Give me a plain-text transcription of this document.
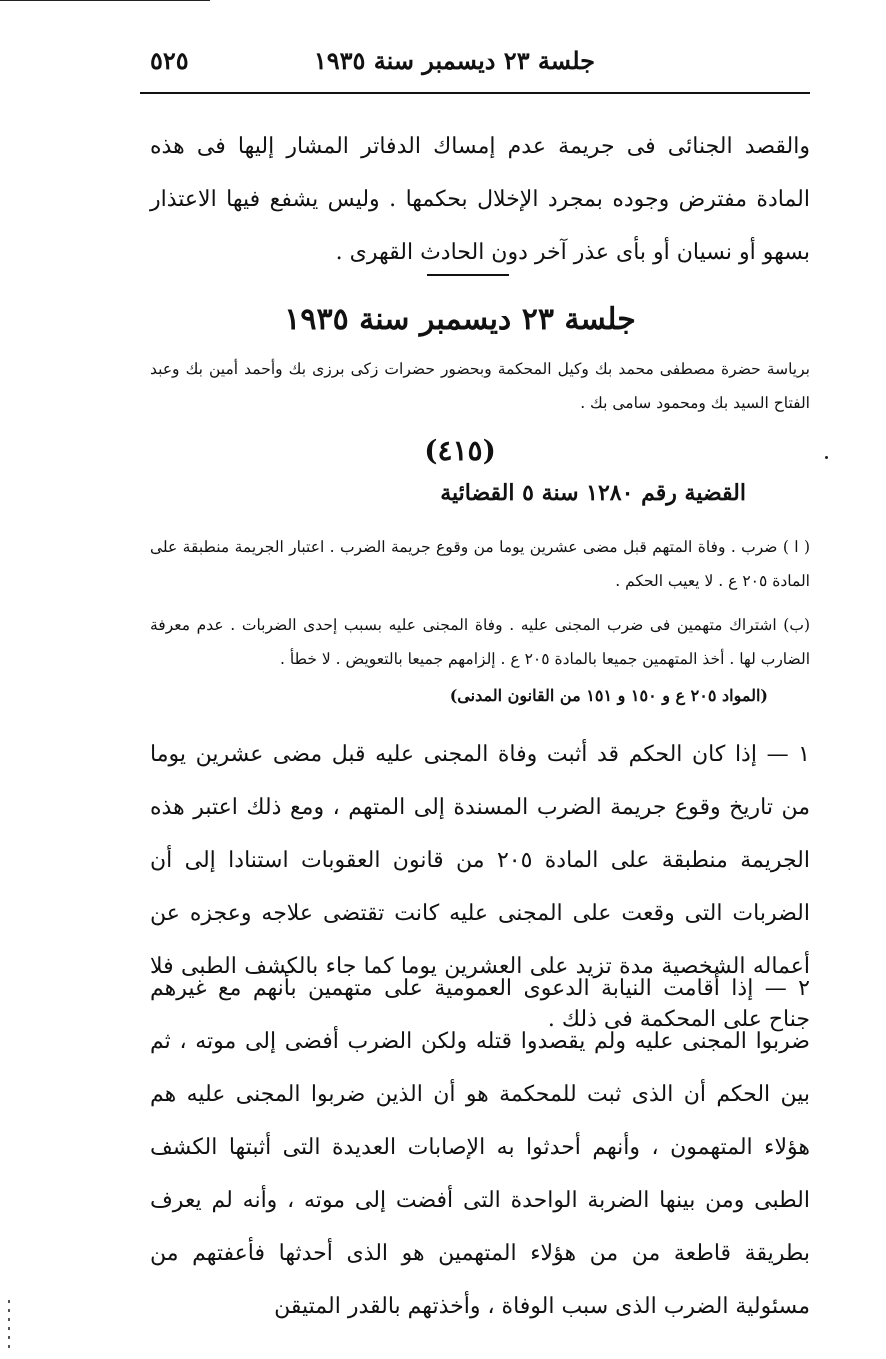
جلسة ٢٣ ديسمبر سنة ١٩٣٥
٥٢٥

والقصد الجنائى فى جريمة عدم إمساك الدفاتر المشار إليها فى هذه المادة مفترض وجوده بمجرد الإخلال بحكمها . وليس يشفع فيها الاعتذار بسهو أو نسيان أو بأى عذر آخر دون الحادث القهرى .

جلسة ٢٣ ديسمبر سنة ١٩٣٥

برياسة حضرة مصطفى محمد بك وكيل المحكمة وبحضور حضرات زكى برزى بك وأحمد أمين بك وعبد الفتاح السيد بك ومحمود سامى بك .

(٤١٥)
القضية رقم ١٢٨٠ سنة ٥ القضائية

( ا ) ضرب . وفاة المتهم قبل مضى عشرين يوما من وقوع جريمة الضرب . اعتبار الجريمة منطبقة على المادة ٢٠٥ ع . لا يعيب الحكم .

(ب) اشتراك متهمين فى ضرب المجنى عليه . وفاة المجنى عليه بسبب إحدى الضربات . عدم معرفة الضارب لها . أخذ المتهمين جميعا بالمادة ٢٠٥ ع . إلزامهم جميعا بالتعويض . لا خطأ .

(المواد ٢٠٥ ع و ١٥٠ و ١٥١ من القانون المدنى)

١ — إذا كان الحكم قد أثبت وفاة المجنى عليه قبل مضى عشرين يوما من تاريخ وقوع جريمة الضرب المسندة إلى المتهم ، ومع ذلك اعتبر هذه الجريمة منطبقة على المادة ٢٠٥ من قانون العقوبات استنادا إلى أن الضربات التى وقعت على المجنى عليه كانت تقتضى علاجه وعجزه عن أعماله الشخصية مدة تزيد على العشرين يوما كما جاء بالكشف الطبى فلا جناح على المحكمة فى ذلك .

٢ — إذا أقامت النيابة الدعوى العمومية على متهمين بأنهم مع غيرهم ضربوا المجنى عليه ولم يقصدوا قتله ولكن الضرب أفضى إلى موته ، ثم بين الحكم أن الذى ثبت للمحكمة هو أن الذين ضربوا المجنى عليه هم هؤلاء المتهمون ، وأنهم أحدثوا به الإصابات العديدة التى أثبتها الكشف الطبى ومن بينها الضربة الواحدة التى أفضت إلى موته ، وأنه لم يعرف بطريقة قاطعة من من هؤلاء المتهمين هو الذى أحدثها فأعفتهم من مسئولية الضرب الذى سبب الوفاة ، وأخذتهم بالقدر المتيقن
